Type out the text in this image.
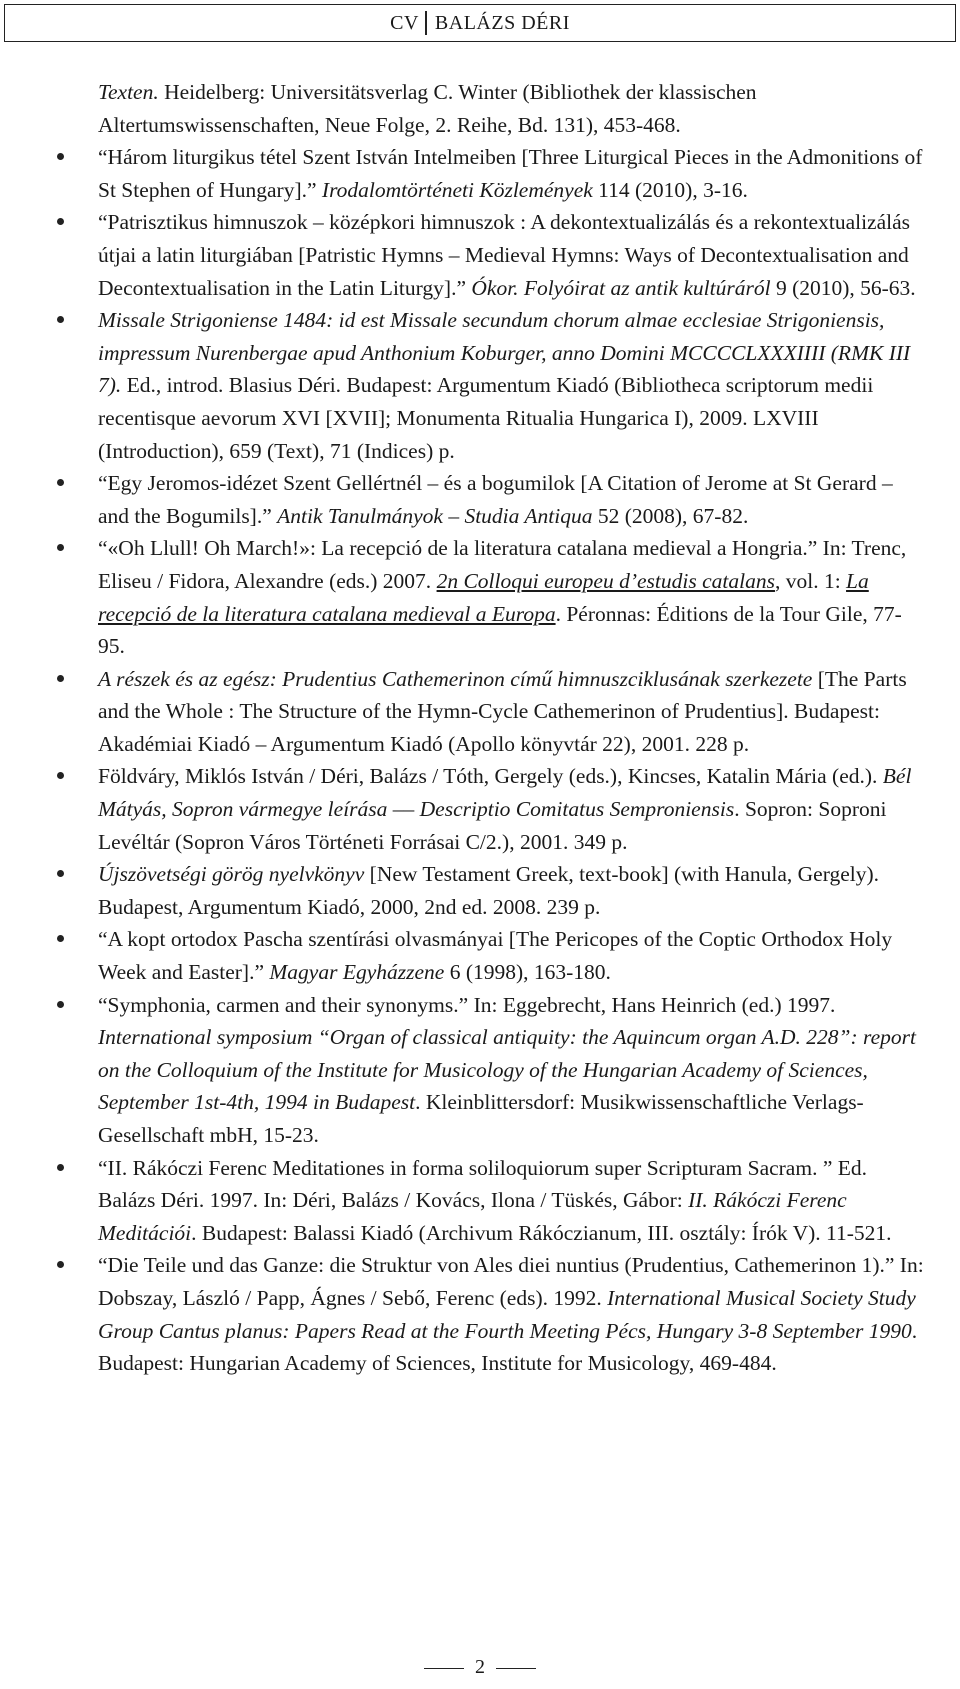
CV BALÁZS DÉRI

Texten. Heidelberg: Universitätsverlag C. Winter (Bibliothek der klassischen Altertumswissenschaften, Neue Folge, 2. Reihe, Bd. 131), 453-468.

“Három liturgikus tétel Szent István Intelmeiben [Three Liturgical Pieces in the Admonitions of St Stephen of Hungary].” Irodalomtörténeti Közlemények 114 (2010), 3-16.
“Patrisztikus himnuszok – középkori himnuszok : A dekontextualizálás és a rekontextualizálás útjai a latin liturgiában [Patristic Hymns – Medieval Hymns: Ways of Decontextualisation and Decontextualisation in the Latin Liturgy].” Ókor. Folyóirat az antik kultúráról 9 (2010), 56-63.
Missale Strigoniense 1484: id est Missale secundum chorum almae ecclesiae Strigoniensis, impressum Nurenbergae apud Anthonium Koburger, anno Domini MCCCCLXXXIIII (RMK III 7). Ed., introd. Blasius Déri. Budapest: Argumentum Kiadó (Bibliotheca scriptorum medii recentisque aevorum XVI [XVII]; Monumenta Ritualia Hungarica I), 2009. LXVIII (Introduction), 659 (Text), 71 (Indices) p.
“Egy Jeromos-idézet Szent Gellértnél – és a bogumilok [A Citation of Jerome at St Gerard – and the Bogumils].” Antik Tanulmányok – Studia Antiqua 52 (2008), 67-82.
“«Oh Llull! Oh March!»: La recepció de la literatura catalana medieval a Hongria.” In: Trenc, Eliseu / Fidora, Alexandre (eds.) 2007. 2n Colloqui europeu d’estudis catalans, vol. 1: La recepció de la literatura catalana medieval a Europa. Péronnas: Éditions de la Tour Gile, 77-95.
A részek és az egész: Prudentius Cathemerinon című himnuszciklusának szerkezete [The Parts and the Whole : The Structure of the Hymn-Cycle Cathemerinon of Prudentius]. Budapest: Akadémiai Kiadó – Argumentum Kiadó (Apollo könyvtár 22), 2001. 228 p.
Földváry, Miklós István / Déri, Balázs / Tóth, Gergely (eds.), Kincses, Katalin Mária (ed.). Bél Mátyás, Sopron vármegye leírása –– Descriptio Comitatus Semproniensis. Sopron: Soproni Levéltár (Sopron Város Történeti Forrásai C/2.), 2001. 349 p.
Újszövetségi görög nyelvkönyv [New Testament Greek, text-book] (with Hanula, Gergely). Budapest, Argumentum Kiadó, 2000, 2nd ed. 2008. 239 p.
“A kopt ortodox Pascha szentírási olvasmányai [The Pericopes of the Coptic Orthodox Holy Week and Easter].” Magyar Egyházzene 6 (1998), 163-180.
“Symphonia, carmen and their synonyms.” In: Eggebrecht, Hans Heinrich (ed.) 1997. International symposium “Organ of classical antiquity: the Aquincum organ A.D. 228”: report on the Colloquium of the Institute for Musicology of the Hungarian Academy of Sciences, September 1st-4th, 1994 in Budapest. Kleinblittersdorf: Musikwissenschaftliche Verlags-Gesellschaft mbH, 15-23.
“II. Rákóczi Ferenc Meditationes in forma soliloquiorum super Scripturam Sacram. ” Ed. Balázs Déri. 1997. In: Déri, Balázs / Kovács, Ilona / Tüskés, Gábor: II. Rákóczi Ferenc Meditációi. Budapest: Balassi Kiadó (Archivum Rákóczianum, III. osztály: Írók V). 11-521.
“Die Teile und das Ganze: die Struktur von Ales diei nuntius (Prudentius, Cathemerinon 1).” In: Dobszay, László / Papp, Ágnes / Sebő, Ferenc (eds). 1992. International Musical Society Study Group Cantus planus: Papers Read at the Fourth Meeting Pécs, Hungary 3-8 September 1990. Budapest: Hungarian Academy of Sciences, Institute for Musicology, 469-484.
2
